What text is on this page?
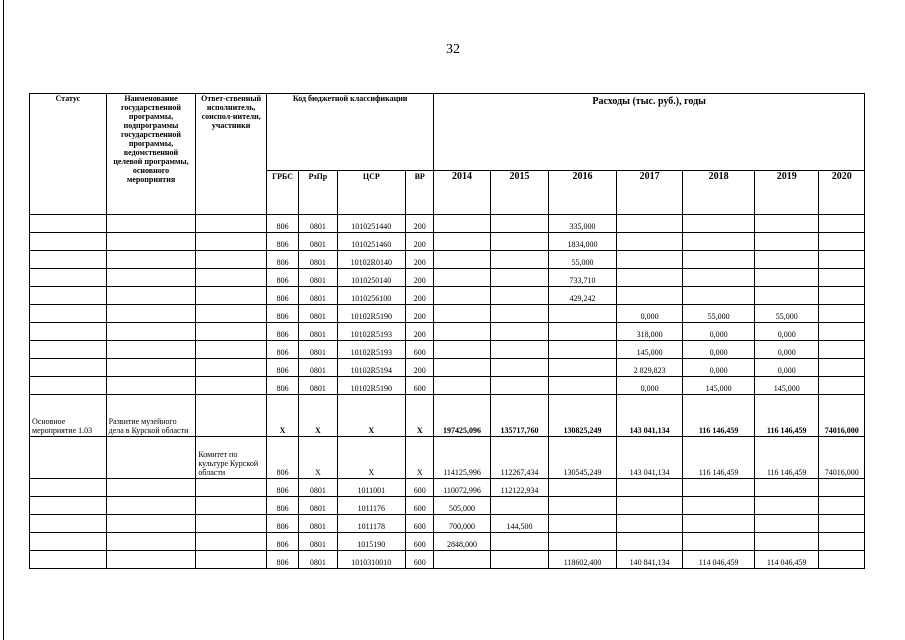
32
Статус	Наименование государственной программы, подпрограммы государственной программы, ведомственной целевой программы, основного мероприятия	Ответ-ственный исполнитель, соиспол-нители, участники	Код бюджетной классификации				Расходы (тыс. руб.), годы						
			ГРБС	РзПр	ЦСР	ВР	2014	2015	2016	2017	2018	2019	2020
			806	0801	1010251440	200			335,000				
			806	0801	1010251460	200			1834,000				
			806	0801	10102R0140	200			55,000				
			806	0801	1010250140	200			733,710				
			806	0801	1010256100	200			429,242				
			806	0801	10102R5190	200				0,000	55,000	55,000	
			806	0801	10102R5193	200				318,000	0,000	0,000	
			806	0801	10102R5193	600				145,000	0,000	0,000	
			806	0801	10102R5194	200				2 829,823	0,000	0,000	
			806	0801	10102R5190	600				0,000	145,000	145,000	
Основное мероприятие 1.03	Развитие музейного дела в Курской области		Х	Х	Х	Х	197425,096	135717,760	130825,249	143 041,134	116 146,459	116 146,459	74016,000
		Комитет по культуре Курской области	806	Х	Х	Х	114125,996	112267,434	130545,249	143 041,134	116 146,459	116 146,459	74016,000
			806	0801	1011001	600	110072,996	112122,934					
			806	0801	1011176	600	505,000						
			806	0801	1011178	600	700,000	144,500					
			806	0801	1015190	600	2848,000						
			806	0801	1010310010	600			118602,400	140 841,134	114 046,459	114 046,459	
